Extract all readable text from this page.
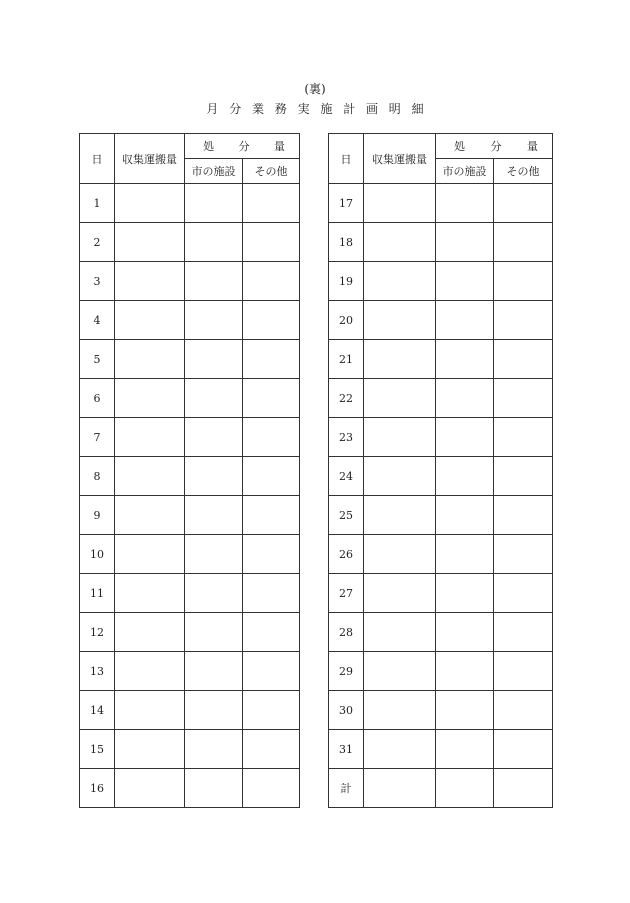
(裏)
月分業務実施計画明細
日	収集運搬量	処 分 量	

		市の施設	その他
1			
2			
3			
4			
5			
6			
7			
8			
9			
10			
11			
12			
13			
14			
15			
16			
日	収集運搬量	処 分 量	

		市の施設	その他
17			
18			
19			
20			
21			
22			
23			
24			
25			
26			
27			
28			
29			
30			
31			
計			
